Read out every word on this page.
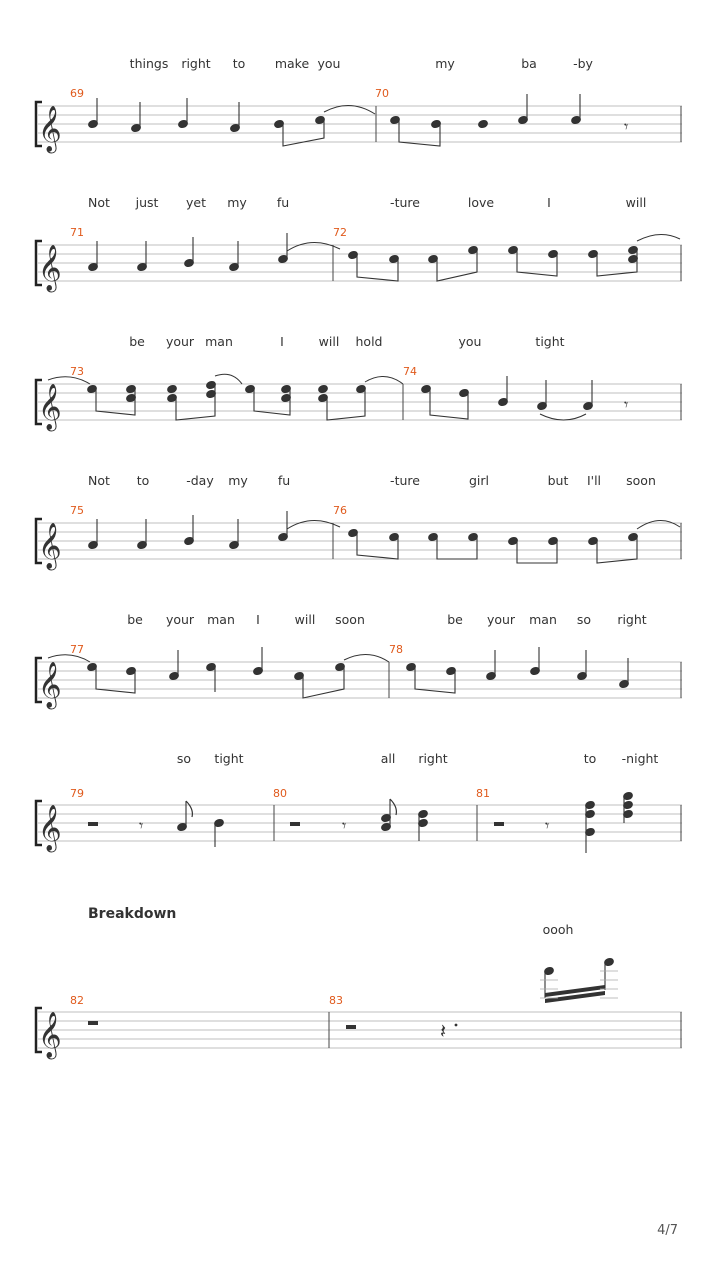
things right to make you	my	ba	-by
69	70
𝄞	𝄾
Not just yet my fu	-ture	love	I	will
71	72
𝄞
be your man	I	will hold	you	tight
73	74
𝄞	𝄾
Not to	-day my fu	-ture	girl	but I'll soon
75	76
𝄞
be your man I	will soon	be your man so right
77	78
𝄞
so tight	all right	to -night
79	80	81
𝄞	𝄾	𝄾	𝄾
Breakdown
oooh
82	83
𝄞	𝄽
4/7
